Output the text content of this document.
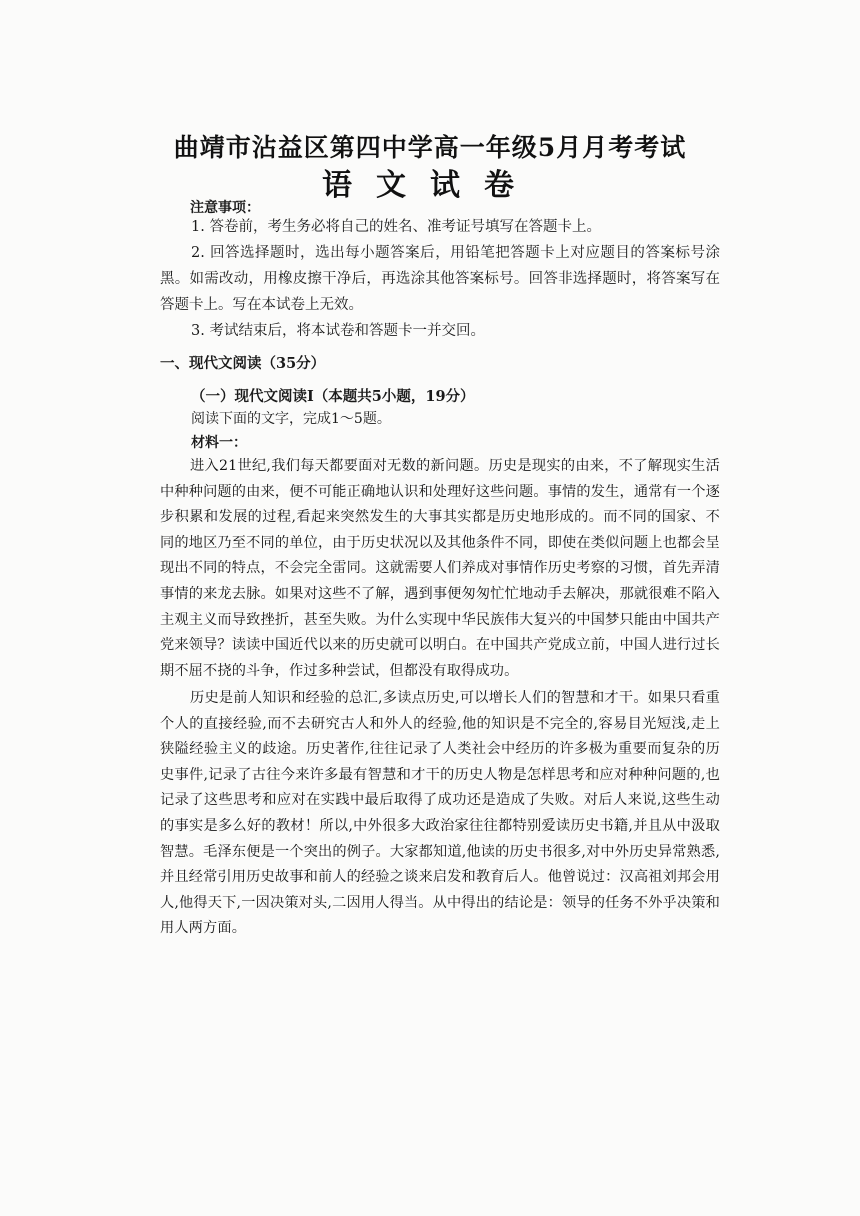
曲靖市沾益区第四中学高一年级5月月考考试
语文试卷
注意事项：
1. 答卷前，考生务必将自己的姓名、准考证号填写在答题卡上。
2. 回答选择题时，选出每小题答案后，用铅笔把答题卡上对应题目的答案标号涂黑。如需改动，用橡皮擦干净后，再选涂其他答案标号。回答非选择题时，将答案写在答题卡上。写在本试卷上无效。
3. 考试结束后，将本试卷和答题卡一并交回。
一、现代文阅读（35分）
（一）现代文阅读Ⅰ（本题共5小题，19分）
阅读下面的文字，完成1～5题。
材料一：
进入21世纪,我们每天都要面对无数的新问题。历史是现实的由来，不了解现实生活中种种问题的由来，便不可能正确地认识和处理好这些问题。事情的发生，通常有一个逐步积累和发展的过程,看起来突然发生的大事其实都是历史地形成的。而不同的国家、不同的地区乃至不同的单位，由于历史状况以及其他条件不同，即使在类似问题上也都会呈现出不同的特点，不会完全雷同。这就需要人们养成对事情作历史考察的习惯，首先弄清事情的来龙去脉。如果对这些不了解，遇到事便匆匆忙忙地动手去解决，那就很难不陷入主观主义而导致挫折，甚至失败。为什么实现中华民族伟大复兴的中国梦只能由中国共产党来领导？读读中国近代以来的历史就可以明白。在中国共产党成立前，中国人进行过长期不屈不挠的斗争，作过多种尝试，但都没有取得成功。
历史是前人知识和经验的总汇,多读点历史,可以增长人们的智慧和才干。如果只看重个人的直接经验,而不去研究古人和外人的经验,他的知识是不完全的,容易目光短浅,走上狭隘经验主义的歧途。历史著作,往往记录了人类社会中经历的许多极为重要而复杂的历史事件,记录了古往今来许多最有智慧和才干的历史人物是怎样思考和应对种种问题的,也记录了这些思考和应对在实践中最后取得了成功还是造成了失败。对后人来说,这些生动的事实是多么好的教材！所以,中外很多大政治家往往都特别爱读历史书籍,并且从中汲取智慧。毛泽东便是一个突出的例子。大家都知道,他读的历史书很多,对中外历史异常熟悉,并且经常引用历史故事和前人的经验之谈来启发和教育后人。他曾说过：汉高祖刘邦会用人,他得天下,一因决策对头,二因用人得当。从中得出的结论是：领导的任务不外乎决策和用人两方面。
